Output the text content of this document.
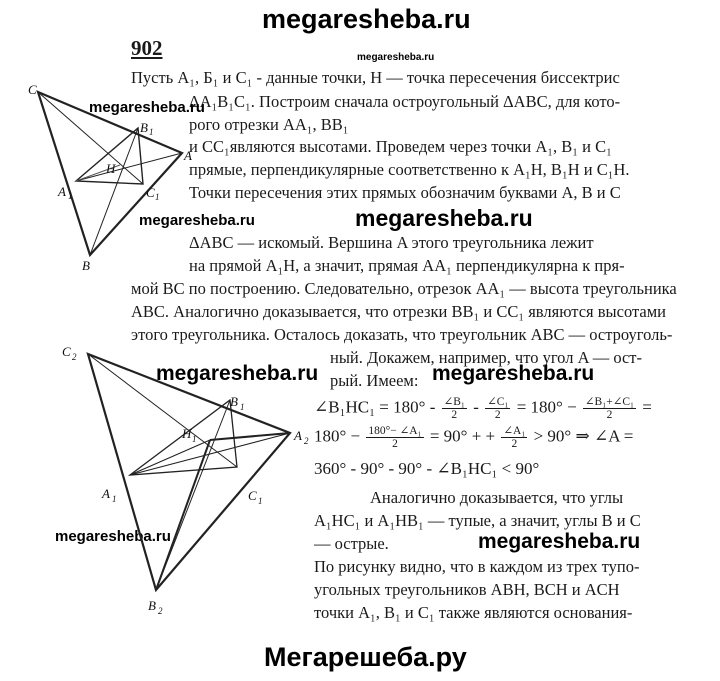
megaresheba.ru
902	megaresheba.ru
Пусть A₁, Б₁ и C₁ - данные точки, H — точка пересечения биссектрис
ΔA₁B₁C₁. Построим сначала остроугольный ΔABC, для кото-
рого отрезки AA₁, BB₁
и CC₁являются высотами. Проведем через точки A₁, B₁ и C₁
прямые, перпендикулярные соответственно к A₁H, B₁H и C₁H.
Точки пересечения этих прямых обозначим буквами A, B и C
megaresheba.ru	megaresheba.ru
megaresheba.ru
ΔABC — искомый. Вершина A этого треугольника лежит
на прямой A₁H, а значит, прямая AA₁ перпендикулярна к пря-
мой BC по построению. Следовательно, отрезок AA₁ — высота треугольника
ABC. Аналогично доказывается, что отрезки BB₁ и CC₁ являются высотами
этого треугольника. Осталось доказать, что треугольник ABC — остроуголь-
ный. Докажем, например, что угол A — ост-
рый. Имеем:
megaresheba.ru	megaresheba.ru
∠B₁HC₁ = $180^\circ - \frac{\text{∠B₁}}{2} - \frac{\text{∠C₁}}{2} = 180^\circ - \frac{\text{∠B₁+∠C₁}}{2}$ =
$180^\circ - \frac{\text{180°− ∠A₁}}{2} = 90^\circ$ + + $\frac{\text{∠A₁}}{2} > 90^\circ$ ⇒ ∠A =
360° - 90° - 90° - ∠B₁HC₁ < 90°
Аналогично доказывается, что углы
A₁HC₁ и A₁HB₁ — тупые, а значит, углы B и C
— острые.
megaresheba.ru	megaresheba.ru
По рисунку видно, что в каждом из трех тупо-
угольных треугольников ABH, BCH и ACH
точки A₁, B₁ и C₁ также являются основания-
C
A
B
A 1
B 1
C 1
H
C 2
A 2
B 2
A 1
B 1
C 1
H 1
Мегарешеба.ру
